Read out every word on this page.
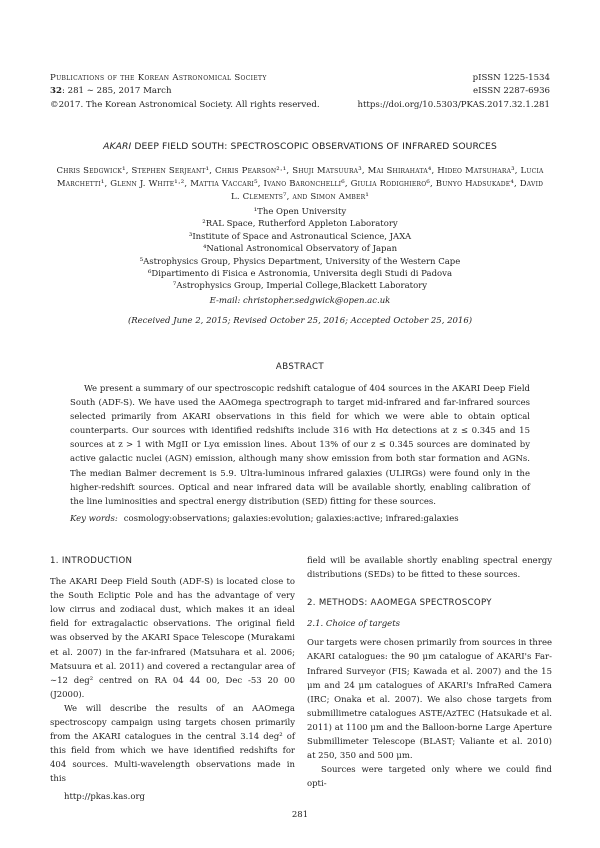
Publications of the Korean Astronomical Society
32: 281 ∼ 285, 2017 March
©2017. The Korean Astronomical Society. All rights reserved.
pISSN 1225-1534
eISSN 2287-6936
https://doi.org/10.5303/PKAS.2017.32.1.281
AKARI DEEP FIELD SOUTH: SPECTROSCOPIC OBSERVATIONS OF INFRARED SOURCES
Chris Sedgwick¹, Stephen Serjeant¹, Chris Pearson²·¹, Shuji Matsuura³, Mai Shirahata⁴, Hideo Matsuhara³, Lucia Marchetti¹, Glenn J. White¹·², Mattia Vaccari⁵, Ivano Baronchelli⁶, Giulia Rodighiero⁶, Bunyo Hadsukade⁴, David L. Clements⁷, and Simon Amber¹
¹The Open University
²RAL Space, Rutherford Appleton Laboratory
³Institute of Space and Astronautical Science, JAXA
⁴National Astronomical Observatory of Japan
⁵Astrophysics Group, Physics Department, University of the Western Cape
⁶Dipartimento di Fisica e Astronomia, Universita degli Studi di Padova
⁷Astrophysics Group, Imperial College,Blackett Laboratory
E-mail: christopher.sedgwick@open.ac.uk
(Received June 2, 2015; Revised October 25, 2016; Accepted October 25, 2016)
ABSTRACT
We present a summary of our spectroscopic redshift catalogue of 404 sources in the AKARI Deep Field South (ADF-S). We have used the AAOmega spectrograph to target mid-infrared and far-infrared sources selected primarily from AKARI observations in this field for which we were able to obtain optical counterparts. Our sources with identified redshifts include 316 with Hα detections at z ≤ 0.345 and 15 sources at z > 1 with MgII or Lyα emission lines. About 13% of our z ≤ 0.345 sources are dominated by active galactic nuclei (AGN) emission, although many show emission from both star formation and AGNs. The median Balmer decrement is 5.9. Ultra-luminous infrared galaxies (ULIRGs) were found only in the higher-redshift sources. Optical and near infrared data will be available shortly, enabling calibration of the line luminosities and spectral energy distribution (SED) fitting for these sources.
Key words: cosmology:observations; galaxies:evolution; galaxies:active; infrared:galaxies
1. INTRODUCTION
The AKARI Deep Field South (ADF-S) is located close to the South Ecliptic Pole and has the advantage of very low cirrus and zodiacal dust, which makes it an ideal field for extragalactic observations. The original field was observed by the AKARI Space Telescope (Murakami et al. 2007) in the far-infrared (Matsuhara et al. 2006; Matsuura et al. 2011) and covered a rectangular area of ∼12 deg² centred on RA 04 44 00, Dec -53 20 00 (J2000).
We will describe the results of an AAOmega spectroscopy campaign using targets chosen primarily from the AKARI catalogues in the central 3.14 deg² of this field from which we have identified redshifts for 404 sources. Multi-wavelength observations made in this
field will be available shortly enabling spectral energy distributions (SEDs) to be fitted to these sources.
2. METHODS: AAOMEGA SPECTROSCOPY
2.1. Choice of targets
Our targets were chosen primarily from sources in three AKARI catalogues: the 90 μm catalogue of AKARI's Far-Infrared Surveyor (FIS; Kawada et al. 2007) and the 15 μm and 24 μm catalogues of AKARI's InfraRed Camera (IRC; Onaka et al. 2007). We also chose targets from submillimetre catalogues ASTE/AzTEC (Hatsukade et al. 2011) at 1100 μm and the Balloon-borne Large Aperture Submillimeter Telescope (BLAST; Valiante et al. 2010) at 250, 350 and 500 μm.
Sources were targeted only where we could find opti-
http://pkas.kas.org
281
